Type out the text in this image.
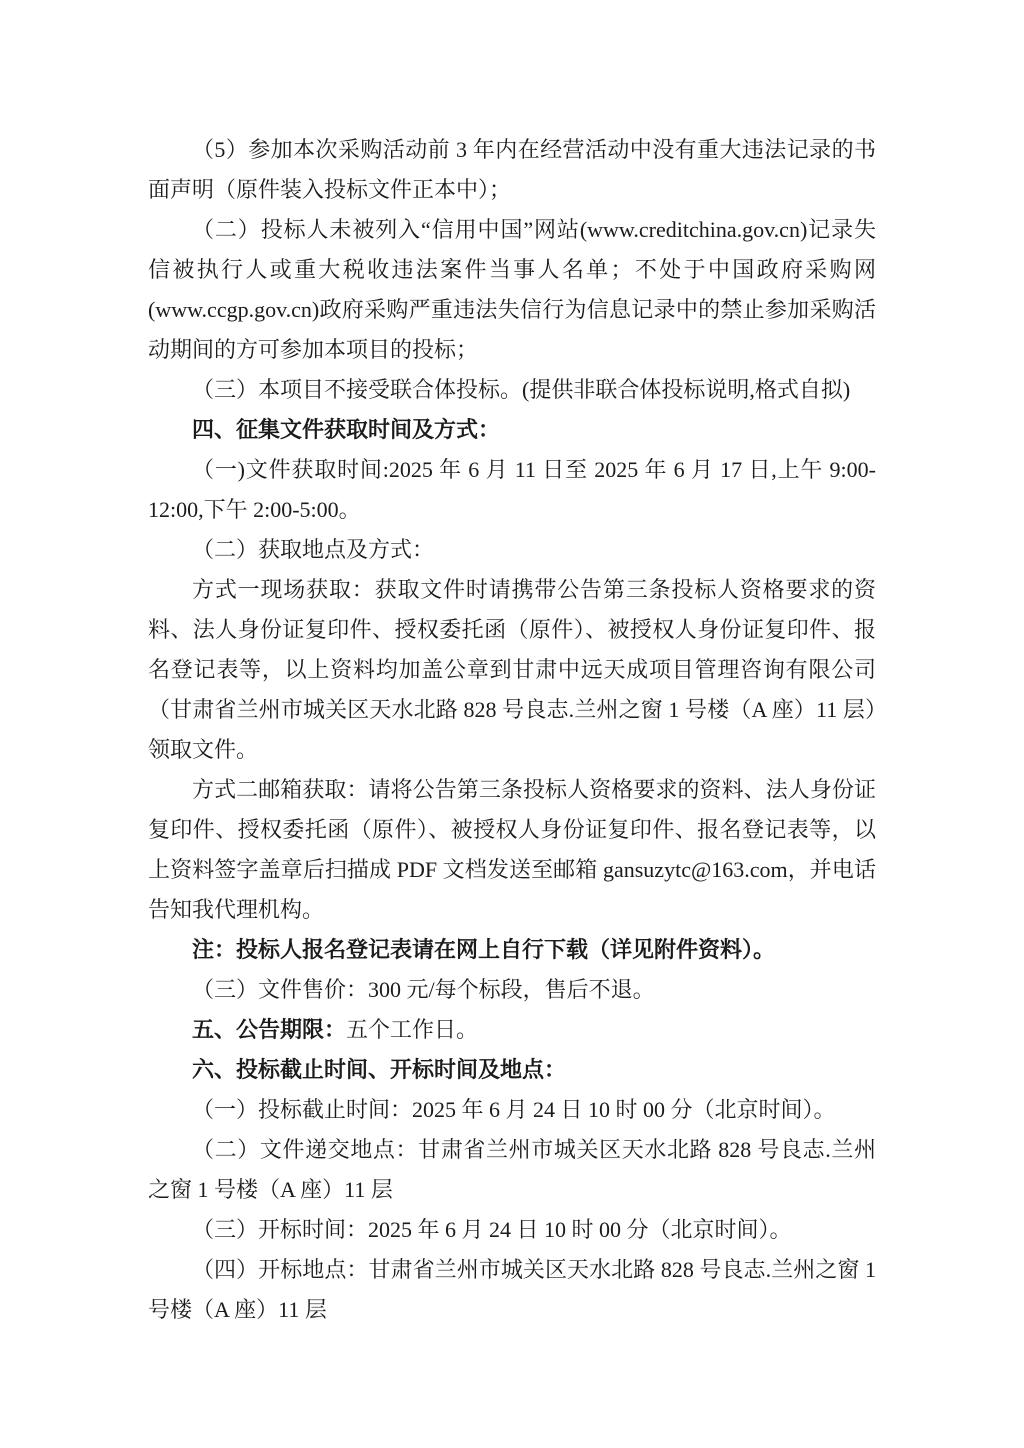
（5）参加本次采购活动前 3 年内在经营活动中没有重大违法记录的书面声明（原件装入投标文件正本中）；

（二）投标人未被列入“信用中国”网站(www.creditchina.gov.cn)记录失信被执行人或重大税收违法案件当事人名单；不处于中国政府采购网(www.ccgp.gov.cn)政府采购严重违法失信行为信息记录中的禁止参加采购活动期间的方可参加本项目的投标；

（三）本项目不接受联合体投标。(提供非联合体投标说明,格式自拟)

四、征集文件获取时间及方式：

（一)文件获取时间:2025 年 6 月 11 日至 2025 年 6 月 17 日,上午 9:00-12:00,下午 2:00-5:00。

（二）获取地点及方式：

方式一现场获取：获取文件时请携带公告第三条投标人资格要求的资料、法人身份证复印件、授权委托函（原件）、被授权人身份证复印件、报名登记表等，以上资料均加盖公章到甘肃中远天成项目管理咨询有限公司（甘肃省兰州市城关区天水北路 828 号良志.兰州之窗 1 号楼（A 座）11 层）领取文件。

方式二邮箱获取：请将公告第三条投标人资格要求的资料、法人身份证复印件、授权委托函（原件）、被授权人身份证复印件、报名登记表等，以上资料签字盖章后扫描成 PDF 文档发送至邮箱 gansuzytc@163.com，并电话告知我代理机构。

注：投标人报名登记表请在网上自行下载（详见附件资料）。

（三）文件售价：300 元/每个标段，售后不退。

五、公告期限：五个工作日。

六、投标截止时间、开标时间及地点：

（一）投标截止时间：2025 年 6 月 24 日 10 时 00 分（北京时间）。

（二）文件递交地点：甘肃省兰州市城关区天水北路 828 号良志.兰州之窗 1 号楼（A 座）11 层

（三）开标时间：2025 年 6 月 24 日 10 时 00 分（北京时间）。

（四）开标地点：甘肃省兰州市城关区天水北路 828 号良志.兰州之窗 1 号楼（A 座）11 层
